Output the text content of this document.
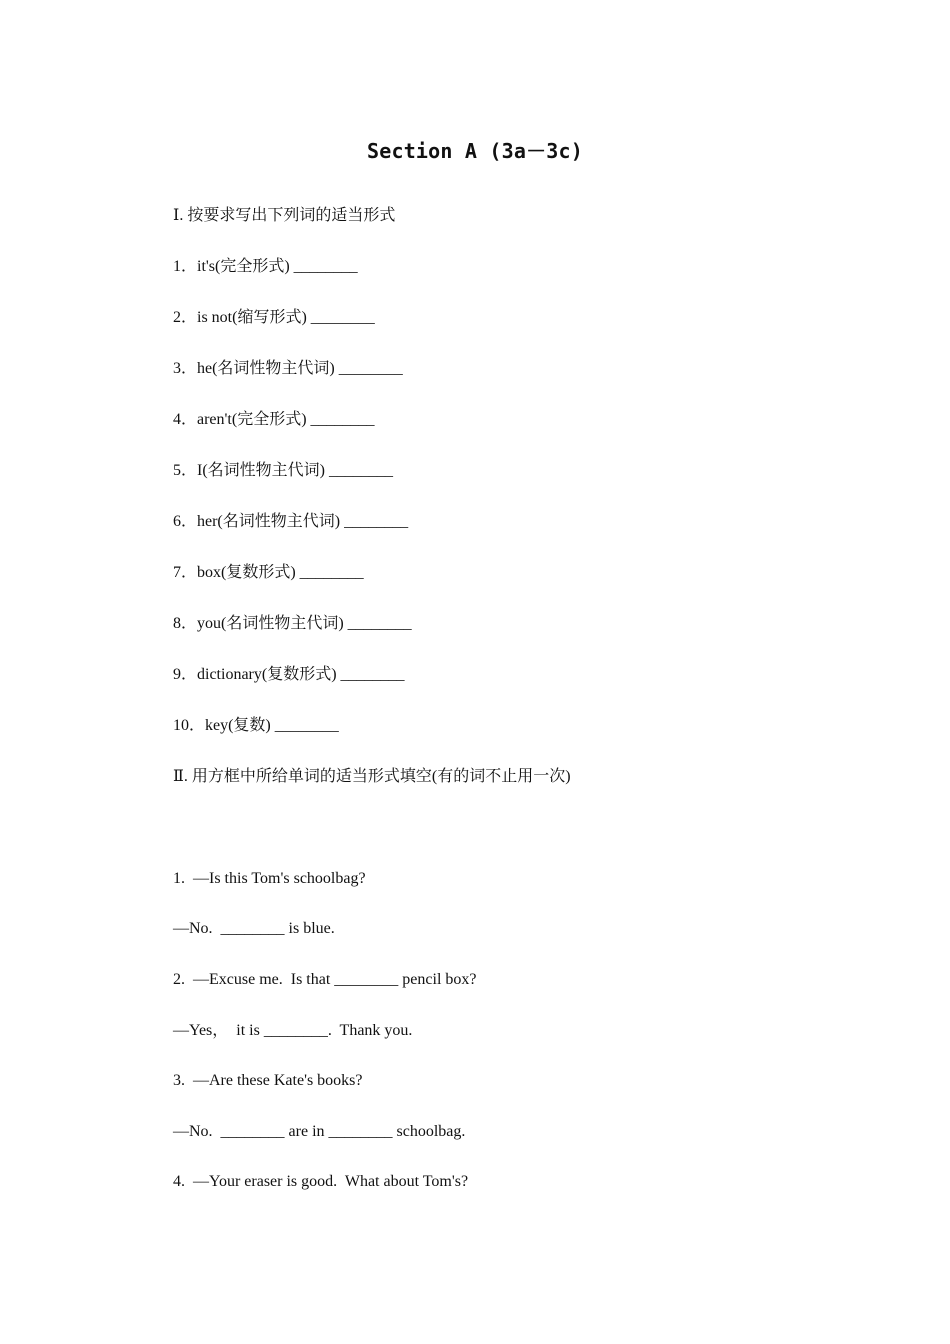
Section A (3a－3c)
Ⅰ. 按要求写出下列词的适当形式
1．it's(完全形式) ________
2．is not(缩写形式) ________
3．he(名词性物主代词) ________
4．aren't(完全形式) ________
5．I(名词性物主代词) ________
6．her(名词性物主代词) ________
7．box(复数形式) ________
8．you(名词性物主代词) ________
9．dictionary(复数形式) ________
10．key(复数) ________
Ⅱ. 用方框中所给单词的适当形式填空(有的词不止用一次)
1.  —Is this Tom's schoolbag?
—No.  ________ is blue.
2.  —Excuse me.  Is that ________ pencil box?
—Yes，  it is ________.  Thank you.
3.  —Are these Kate's books?
—No.  ________ are in ________ schoolbag.
4.  —Your eraser is good.  What about Tom's?
